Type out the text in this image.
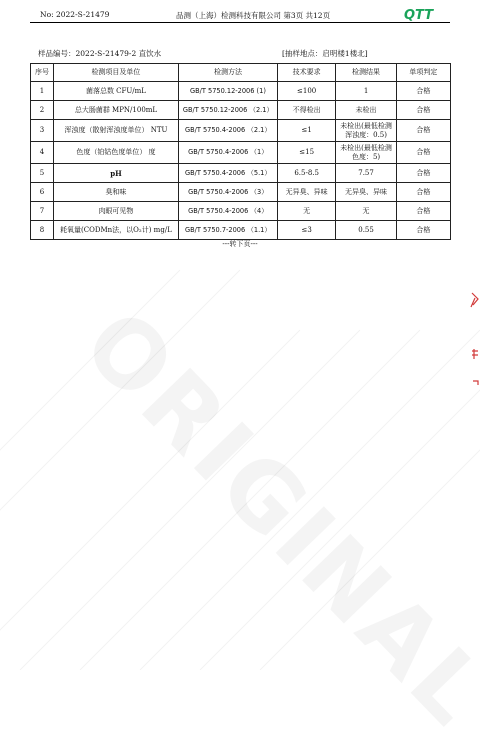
No: 2022-S-21479	品测（上海）检测科技有限公司 第3页 共12页	QTT
样品编号：2022-S-21479-2 直饮水	[抽样地点：启明楼1楼北]
序号	检测项目及单位	检测方法	技术要求	检测结果	单项判定
1	菌落总数 CFU/mL	GB/T 5750.12-2006 (1)	≤100	1	合格
2	总大肠菌群 MPN/100mL	GB/T 5750.12-2006 （2.1）	不得检出	未检出	合格
3	浑浊度（散射浑浊度单位） NTU	GB/T 5750.4-2006 （2.1）	≤1	未检出(最低检测浑浊度：0.5)	合格
4	色度（铂钴色度单位） 度	GB/T 5750.4-2006 （1）	≤15	未检出(最低检测色度：5)	合格
5	pH	GB/T 5750.4-2006 （5.1）	6.5-8.5	7.57	合格
6	臭和味	GB/T 5750.4-2006 （3）	无异臭、异味	无异臭、异味	合格
7	肉眼可见物	GB/T 5750.4-2006 （4）	无	无	合格
8	耗氧量(CODMn法，以O₂计) mg/L	GB/T 5750.7-2006 （1.1）	≤3	0.55	合格
---转下页---
